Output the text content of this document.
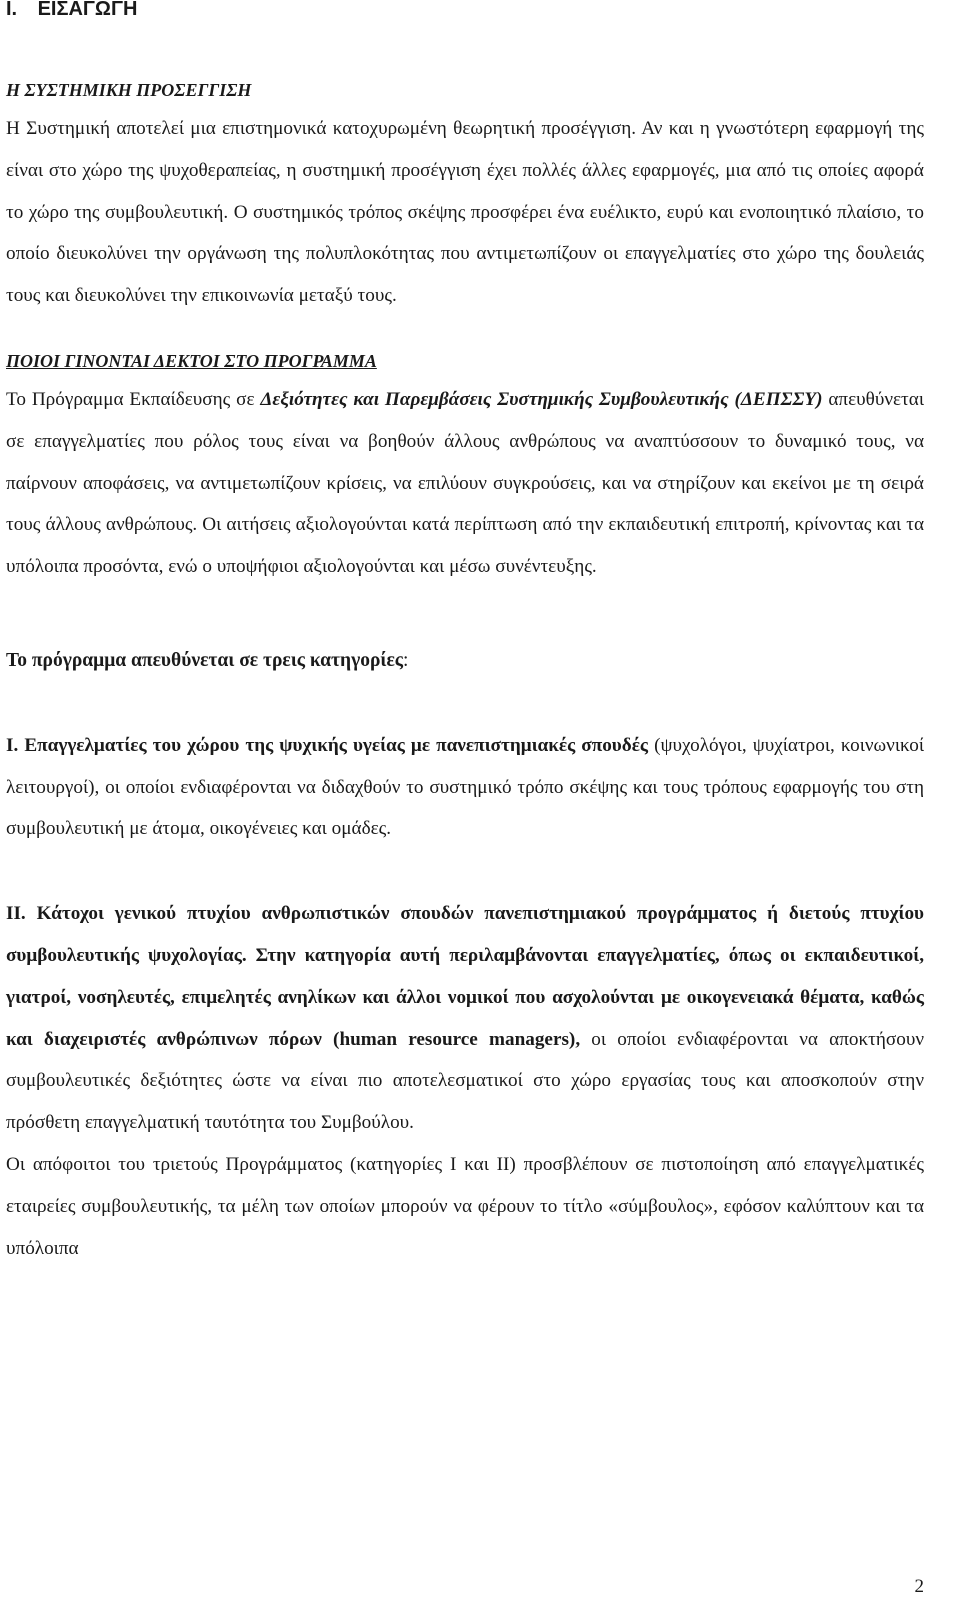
Ι. ΕΙΣΑΓΩΓΗ
Η ΣΥΣΤΗΜΙΚΗ ΠΡΟΣΕΓΓΙΣΗ

Η Συστημική αποτελεί μια επιστημονικά κατοχυρωμένη θεωρητική προσέγγιση. Αν και η γνωστότερη εφαρμογή της είναι στο χώρο της ψυχοθεραπείας, η συστημική προσέγγιση έχει πολλές άλλες εφαρμογές, μια από τις οποίες αφορά το χώρο της συμβουλευτική. Ο συστημικός τρόπος σκέψης προσφέρει ένα ευέλικτο, ευρύ και ενοποιητικό πλαίσιο, το οποίο διευκολύνει την οργάνωση της πολυπλοκότητας που αντιμετωπίζουν οι επαγγελματίες στο χώρο της δουλειάς τους και διευκολύνει την επικοινωνία μεταξύ τους.

ΠΟΙΟΙ ΓΙΝΟΝΤΑΙ ΔΕΚΤΟΙ ΣΤΟ ΠΡΟΓΡΑΜΜΑ

Το Πρόγραμμα Εκπαίδευσης σε Δεξιότητες και Παρεμβάσεις Συστημικής Συμβουλευτικής (ΔΕΠΣΣΥ) απευθύνεται σε επαγγελματίες που ρόλος τους είναι να βοηθούν άλλους ανθρώπους να αναπτύσσουν το δυναμικό τους, να παίρνουν αποφάσεις, να αντιμετωπίζουν κρίσεις, να επιλύουν συγκρούσεις, και να στηρίζουν και εκείνοι με τη σειρά τους άλλους ανθρώπους. Οι αιτήσεις αξιολογούνται κατά περίπτωση από την εκπαιδευτική επιτροπή, κρίνοντας και τα υπόλοιπα προσόντα, ενώ ο υποψήφιοι αξιολογούνται και μέσω συνέντευξης.

Το πρόγραμμα απευθύνεται σε τρεις κατηγορίες:

Ι. Επαγγελματίες του χώρου της ψυχικής υγείας με πανεπιστημιακές σπουδές (ψυχολόγοι, ψυχίατροι, κοινωνικοί λειτουργοί), οι οποίοι ενδιαφέρονται να διδαχθούν το συστημικό τρόπο σκέψης και τους τρόπους εφαρμογής του στη συμβουλευτική με άτομα, οικογένειες και ομάδες.

ΙΙ. Κάτοχοι γενικού πτυχίου ανθρωπιστικών σπουδών πανεπιστημιακού προγράμματος ή διετούς πτυχίου συμβουλευτικής ψυχολογίας. Στην κατηγορία αυτή περιλαμβάνονται επαγγελματίες, όπως οι εκπαιδευτικοί, γιατροί, νοσηλευτές, επιμελητές ανηλίκων και άλλοι νομικοί που ασχολούνται με οικογενειακά θέματα, καθώς και διαχειριστές ανθρώπινων πόρων (human resource managers), οι οποίοι ενδιαφέρονται να αποκτήσουν συμβουλευτικές δεξιότητες ώστε να είναι πιο αποτελεσματικοί στο χώρο εργασίας τους και αποσκοπούν στην πρόσθετη επαγγελματική ταυτότητα του Συμβούλου.

Οι απόφοιτοι του τριετούς Προγράμματος (κατηγορίες Ι και ΙΙ) προσβλέπουν σε πιστοποίηση από επαγγελματικές εταιρείες συμβουλευτικής, τα μέλη των οποίων μπορούν να φέρουν το τίτλο «σύμβουλος», εφόσον καλύπτουν και τα υπόλοιπα

2
